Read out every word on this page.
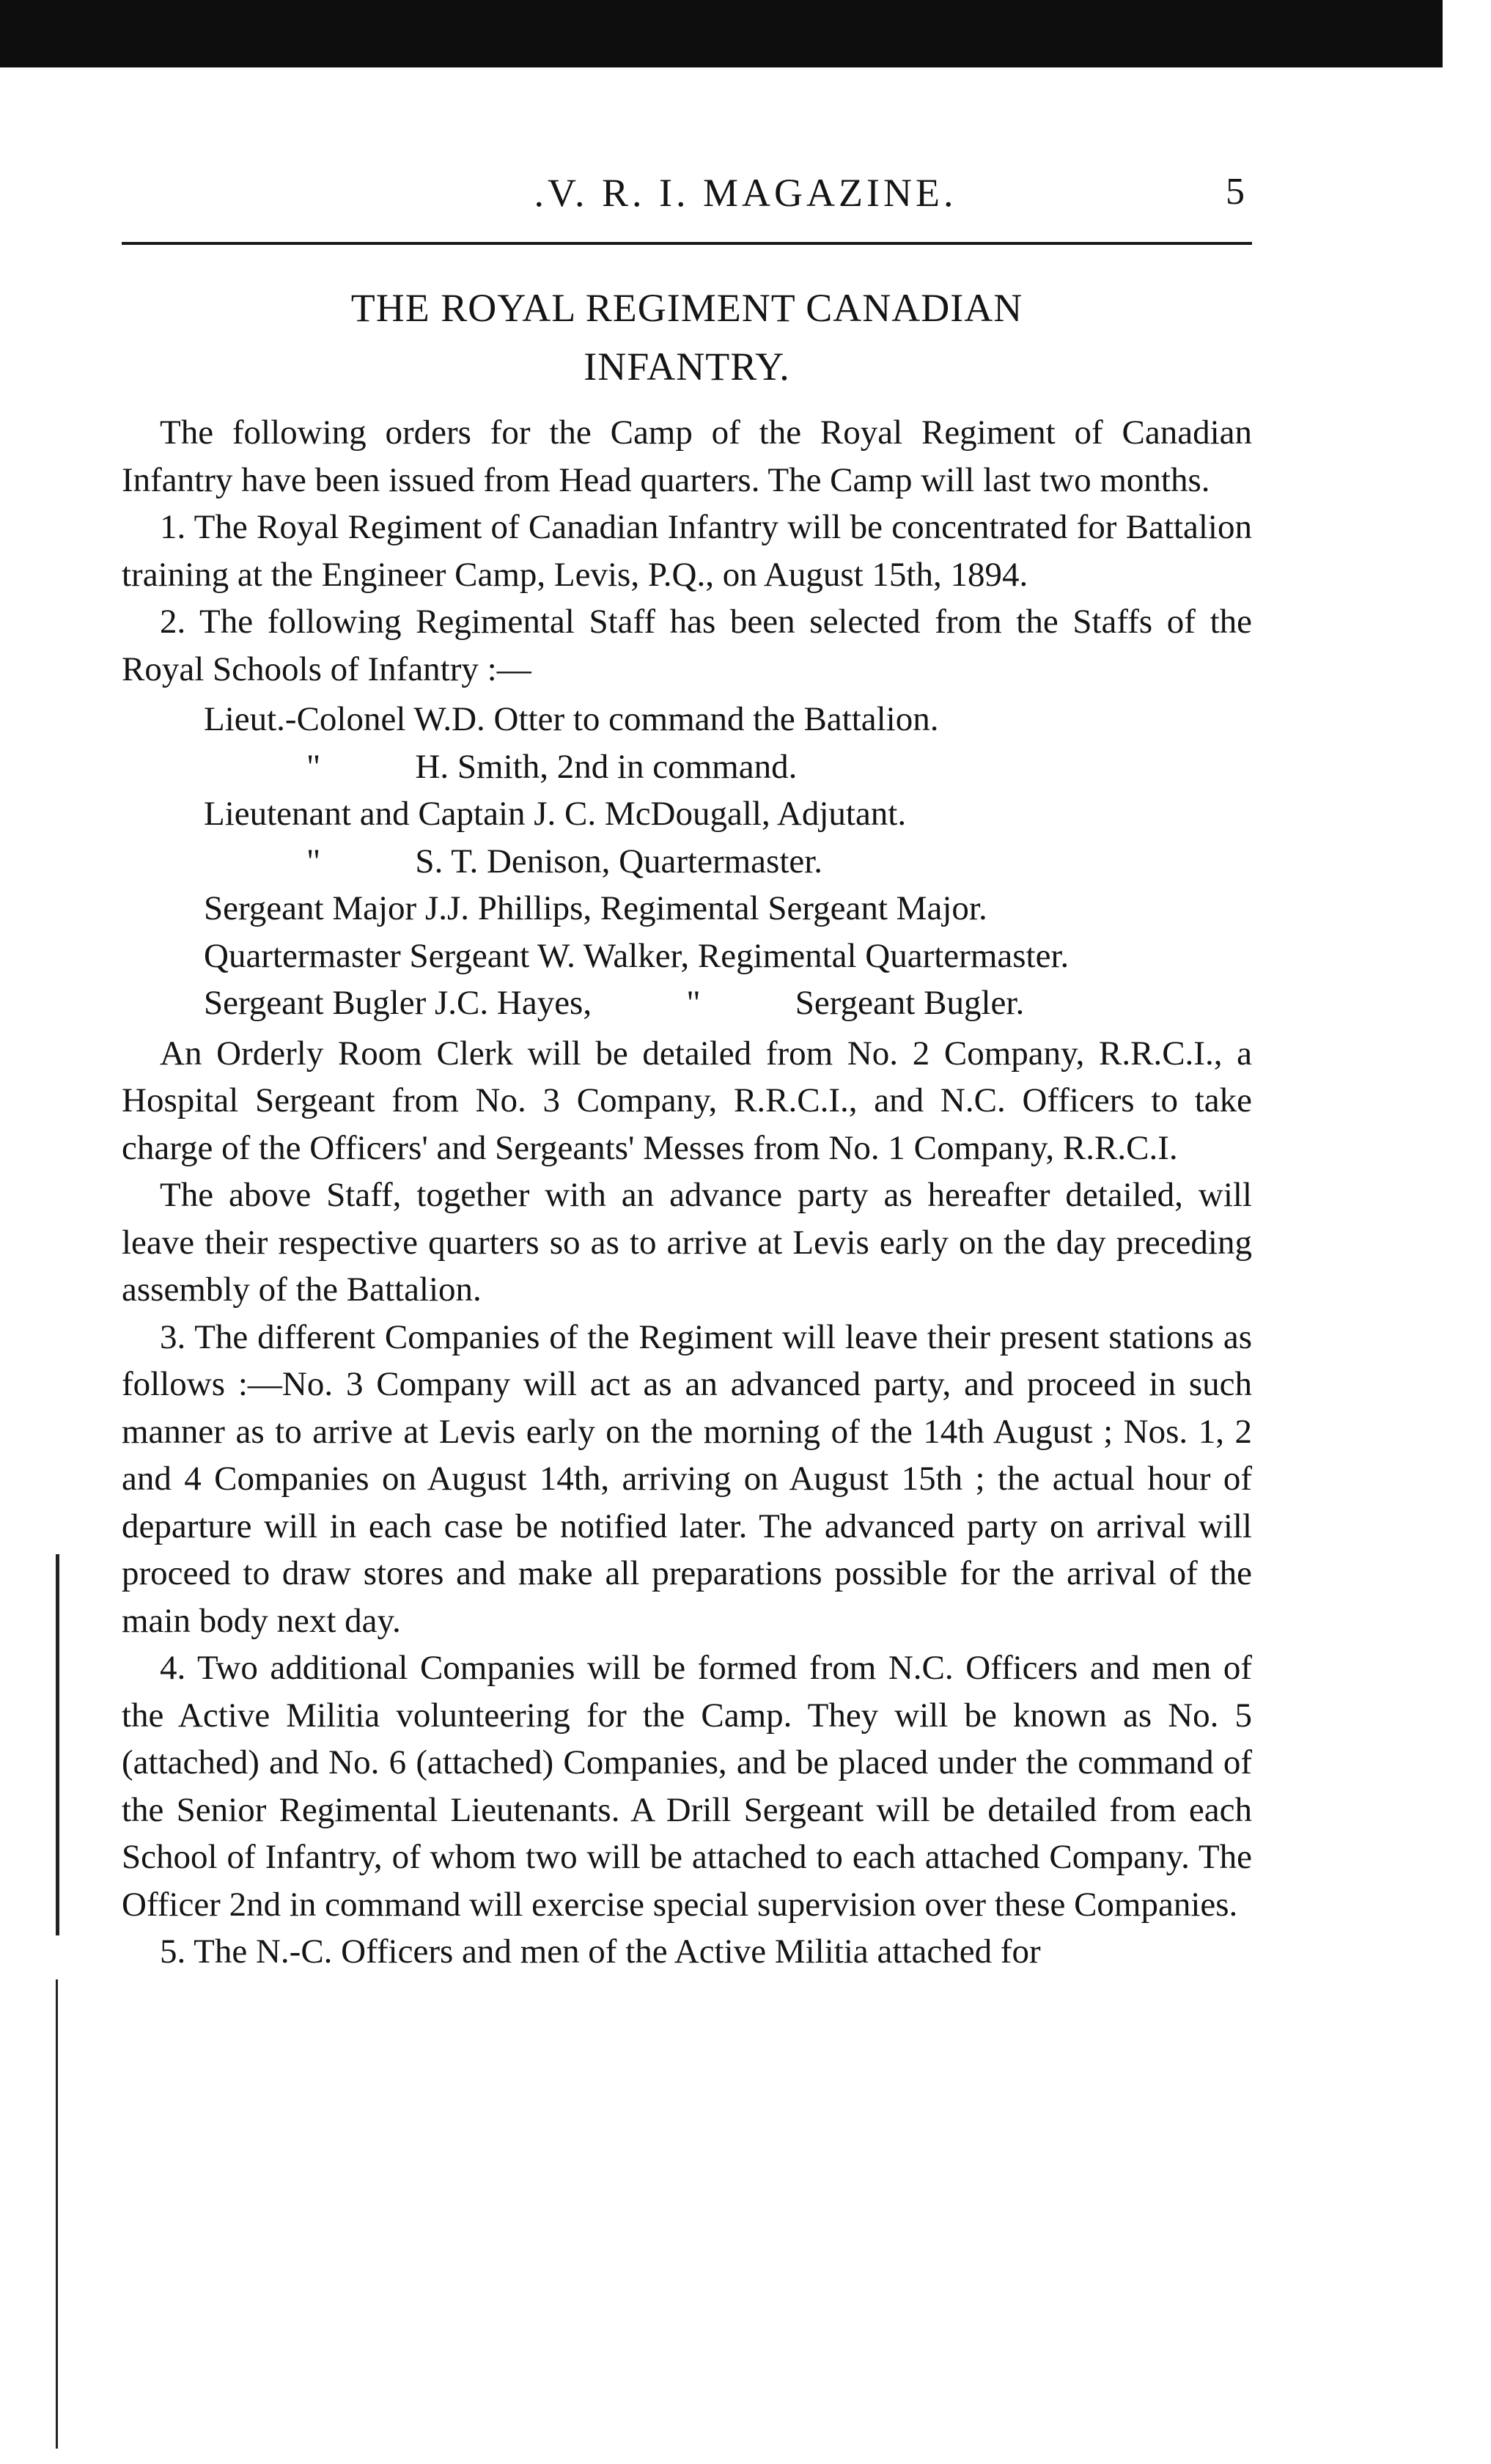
.V. R. I. MAGAZINE.	5
THE ROYAL REGIMENT CANADIAN
INFANTRY.

The following orders for the Camp of the Royal Regiment of Canadian Infantry have been issued from Head quarters. The Camp will last two months.

1. The Royal Regiment of Canadian Infantry will be concentrated for Battalion training at the Engineer Camp, Levis, P.Q., on August 15th, 1894.

2. The following Regimental Staff has been selected from the Staffs of the Royal Schools of Infantry :—

Lieut.-Colonel W.D. Otter to command the Battalion.
"           H. Smith, 2nd in command.
Lieutenant and Captain J. C. McDougall, Adjutant.
"           S. T. Denison, Quartermaster.
Sergeant Major J.J. Phillips, Regimental Sergeant Major.
Quartermaster Sergeant W. Walker, Regimental Quartermaster.
Sergeant Bugler J.C. Hayes,           "           Sergeant Bugler.

An Orderly Room Clerk will be detailed from No. 2 Company, R.R.C.I., a Hospital Sergeant from No. 3 Company, R.R.C.I., and N.C. Officers to take charge of the Officers' and Sergeants' Messes from No. 1 Company, R.R.C.I.

The above Staff, together with an advance party as hereafter detailed, will leave their respective quarters so as to arrive at Levis early on the day preceding assembly of the Battalion.

3. The different Companies of the Regiment will leave their present stations as follows :—No. 3 Company will act as an advanced party, and proceed in such manner as to arrive at Levis early on the morning of the 14th August ; Nos. 1, 2 and 4 Companies on August 14th, arriving on August 15th ; the actual hour of departure will in each case be notified later. The advanced party on arrival will proceed to draw stores and make all preparations possible for the arrival of the main body next day.

4. Two additional Companies will be formed from N.C. Officers and men of the Active Militia volunteering for the Camp. They will be known as No. 5 (attached) and No. 6 (attached) Companies, and be placed under the command of the Senior Regimental Lieutenants. A Drill Sergeant will be detailed from each School of Infantry, of whom two will be attached to each attached Company. The Officer 2nd in command will exercise special supervision over these Companies.

5. The N.-C. Officers and men of the Active Militia attached for
